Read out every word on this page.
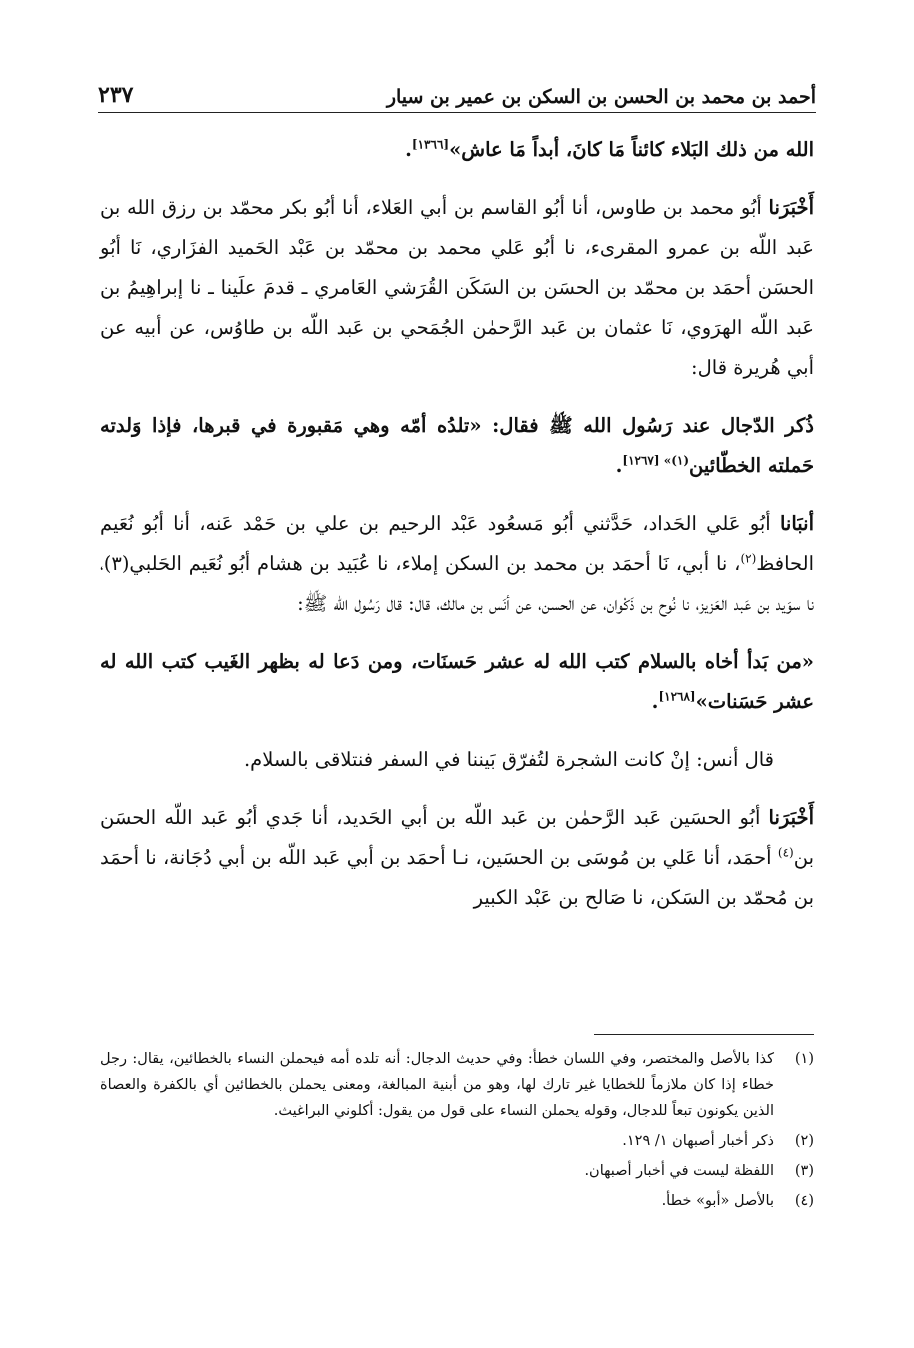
أحمد بن محمد بن الحسن بن السكن بن عمير بن سيار
٢٣٧

الله من ذلك البَلاء كائناً مَا كانَ، أبداً مَا عاش»[١٣٦٦].

أَخْبَرَنا أبُو محمد بن طاوس، أنا أبُو القاسم بن أبي العَلاء، أنا أبُو بكر محمّد بن رزق الله بن عَبد اللّه بن عمرو المقرىء، نا أبُو عَلي محمد بن محمّد بن عَبْد الحَميد الفزَاري، نَا أبُو الحسَن أحمَد بن محمّد بن الحسَن بن السَكَن القُرَشي العَامري ـ قدمَ علَينا ـ نا إبراهِيمُ بن عَبد اللّه الهرَوي، نَا عثمان بن عَبد الرَّحمٰن الجُمَحي بن عَبد اللّه بن طاوُس، عن أبيه عن أبي هُريرة قال:

ذُكر الدّجال عند رَسُول الله ﷺ فقال: «تلدُه أمّه وهي مَقبورة في قبرها، فإذا وَلدته حَملته الخطّائين$^{(١)» [١٢٦٧]}$.

أنبَانا أبُو عَلي الحَداد، حَدَّثني أبُو مَسعُود عَبْد الرحيم بن علي بن حَمْد عَنه، أنا أبُو نُعَيم الحافظ$^{(٢)}$، نا أبي، نَا أحمَد بن محمد بن السكن إملاء، نا عُبَيد بن هشام أبُو نُعَيم الحَلبي(٣)، نا سوَيد بن عَبد العَزيز، نا نُوح بن ذَكْوان، عن الحسن، عن أنَس بن مالك، قال: قال رَسُول الله ﷺ:

«من بَدأ أخاه بالسلام كتب الله له عشر حَسنَات، ومن دَعا له بظهر الغَيب كتب الله له عشر حَسَنات»[١٢٦٨].

قال أنس: إنْ كانت الشجرة لتُفرّق بَيننا في السفر فنتلاقى بالسلام.

أَخْبَرَنا أبُو الحسَين عَبد الرَّحمٰن بن عَبد اللّه بن أبي الحَديد، أنا جَدي أبُو عَبد اللّه الحسَن بن$^{(٤)}$ أحمَد، أنا عَلي بن مُوسَى بن الحسَين، نـا أحمَد بن أبي عَبد اللّه بن أبي دُجَانة، نا أحمَد بن مُحمّد بن السَكن، نا صَالح بن عَبْد الكبير

(١)
كذا بالأصل والمختصر، وفي اللسان خطأ: وفي حديث الدجال: أنه تلده أمه فيحملن النساء بالخطائين، يقال: رجل خطاء إذا كان ملازماً للخطايا غير تارك لها، وهو من أبنية المبالغة، ومعنى يحملن بالخطائين أي بالكفرة والعصاة الذين يكونون تبعاً للدجال، وقوله يحملن النساء على قول من يقول: أكلوني البراغيث.
(٢)
ذكر أخبار أصبهان ١/ ١٢٩.
(٣)
اللفظة ليست في أخبار أصبهان.
(٤)
بالأصل «أبو» خطأ.
